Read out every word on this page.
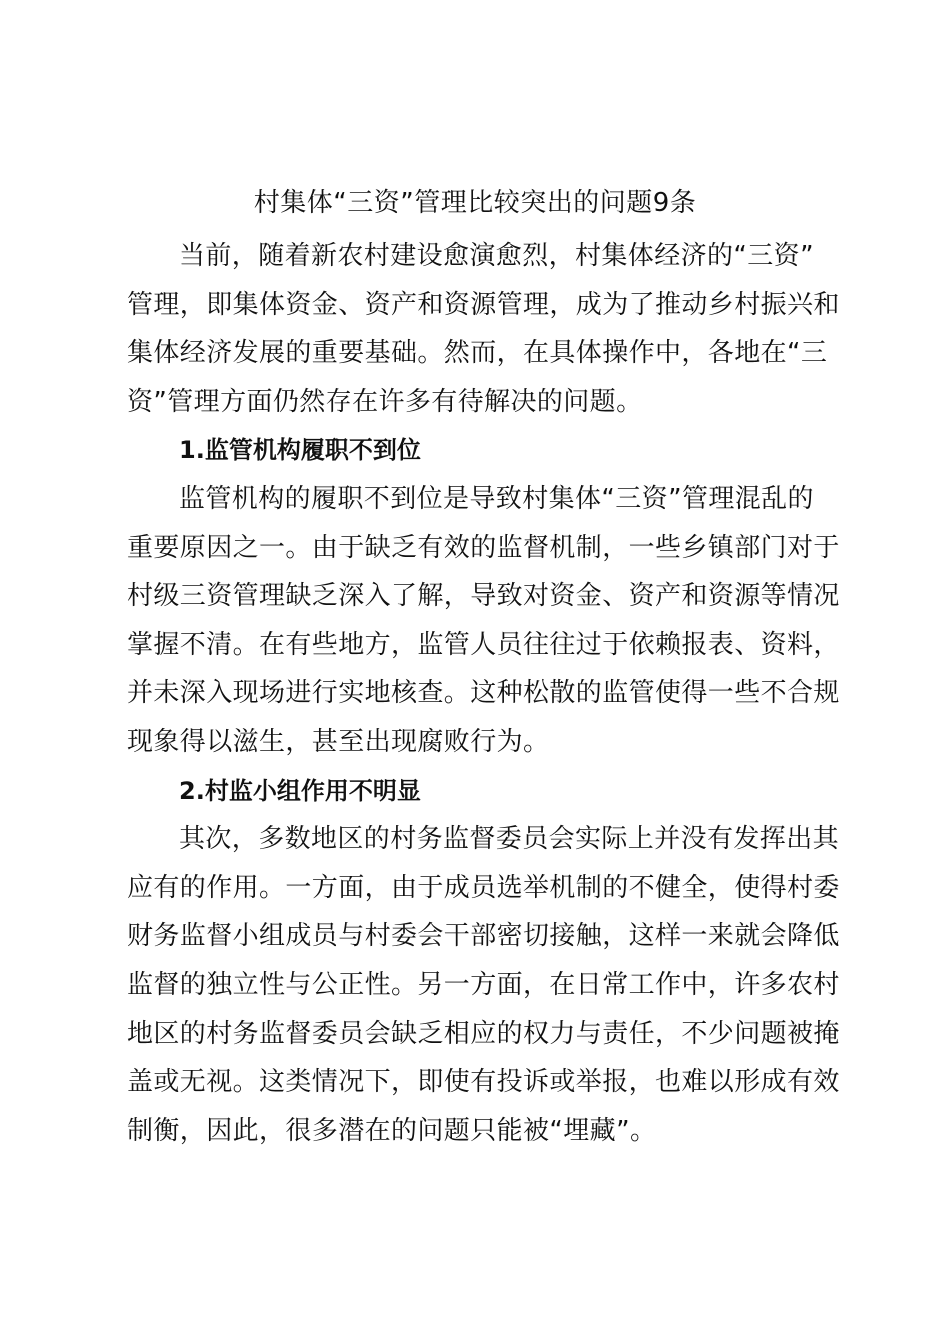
村集体“三资”管理比较突出的问题9条

当前，随着新农村建设愈演愈烈，村集体经济的“三资”
管理，即集体资金、资产和资源管理，成为了推动乡村振兴和
集体经济发展的重要基础。然而，在具体操作中，各地在“三
资”管理方面仍然存在许多有待解决的问题。

1.监管机构履职不到位

监管机构的履职不到位是导致村集体“三资”管理混乱的
重要原因之一。由于缺乏有效的监督机制，一些乡镇部门对于
村级三资管理缺乏深入了解，导致对资金、资产和资源等情况
掌握不清。在有些地方，监管人员往往过于依赖报表、资料，
并未深入现场进行实地核查。这种松散的监管使得一些不合规
现象得以滋生，甚至出现腐败行为。

2.村监小组作用不明显

其次，多数地区的村务监督委员会实际上并没有发挥出其
应有的作用。一方面，由于成员选举机制的不健全，使得村委
财务监督小组成员与村委会干部密切接触，这样一来就会降低
监督的独立性与公正性。另一方面，在日常工作中，许多农村
地区的村务监督委员会缺乏相应的权力与责任，不少问题被掩
盖或无视。这类情况下，即使有投诉或举报，也难以形成有效
制衡，因此，很多潜在的问题只能被“埋藏”。
